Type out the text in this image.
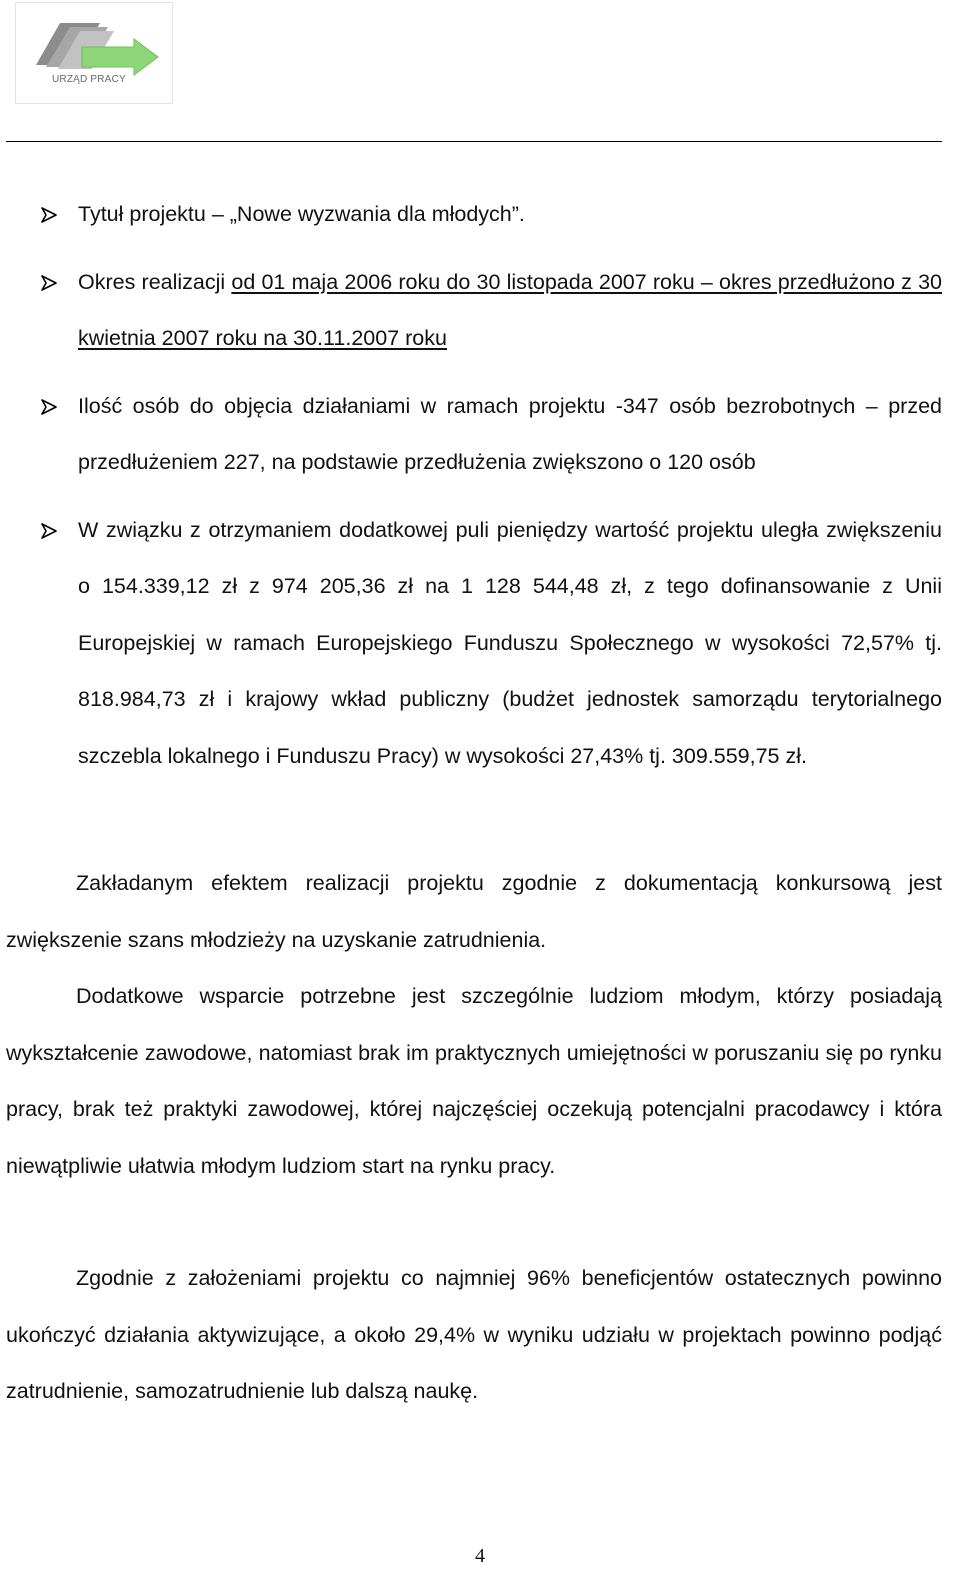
URZĄD PRACY
Tytuł projektu – „Nowe wyzwania dla młodych”.
Okres realizacji od 01 maja 2006 roku do 30 listopada 2007 roku – okres przedłużono z 30 kwietnia 2007 roku na 30.11.2007 roku
Ilość osób do objęcia działaniami w ramach projektu -347 osób bezrobotnych – przed przedłużeniem 227, na podstawie przedłużenia zwiększono o 120 osób
W związku z otrzymaniem dodatkowej puli pieniędzy wartość projektu uległa zwiększeniu o 154.339,12 zł z 974 205,36 zł na 1 128 544,48 zł, z tego dofinansowanie z Unii Europejskiej w ramach Europejskiego Funduszu Społecznego w wysokości 72,57% tj. 818.984,73 zł i krajowy wkład publiczny (budżet jednostek samorządu terytorialnego szczebla lokalnego i Funduszu Pracy) w wysokości 27,43% tj. 309.559,75 zł.

Zakładanym efektem realizacji projektu zgodnie z dokumentacją konkursową jest zwiększenie szans młodzieży na uzyskanie zatrudnienia.

Dodatkowe wsparcie potrzebne jest szczególnie ludziom młodym, którzy posiadają wykształcenie zawodowe, natomiast brak im praktycznych umiejętności w poruszaniu się po rynku pracy, brak też praktyki zawodowej, której najczęściej oczekują potencjalni pracodawcy i która niewątpliwie ułatwia młodym ludziom start na rynku pracy.

Zgodnie z założeniami projektu co najmniej 96% beneficjentów ostatecznych powinno ukończyć działania aktywizujące, a około 29,4% w wyniku udziału w projektach powinno podjąć zatrudnienie, samozatrudnienie lub dalszą naukę.

4
